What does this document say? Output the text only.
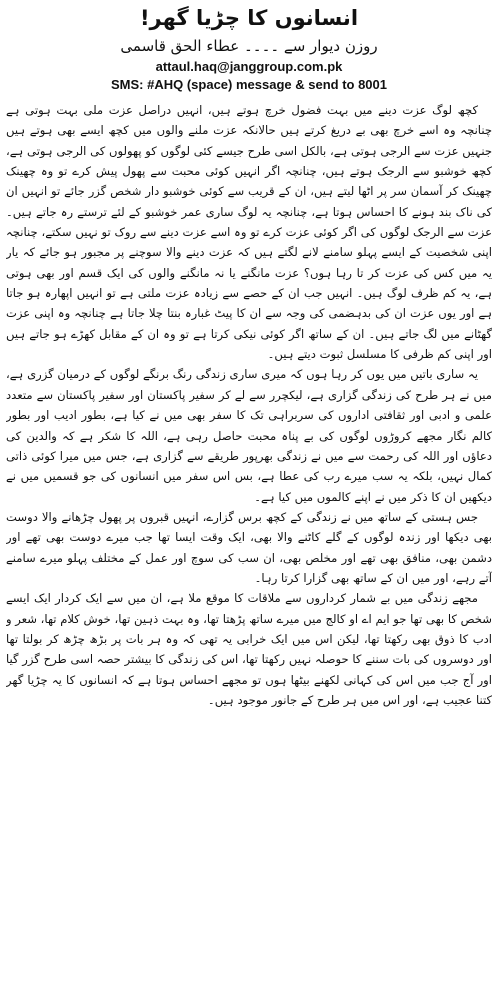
انسانوں کا چڑیا گھر!
روزن دیوار سے ۔۔۔۔ عطاء الحق قاسمی
attaul.haq@janggroup.com.pk
SMS: #AHQ (space) message & send to 8001

کچھ لوگ عزت دینے میں بہت فضول خرچ ہوتے ہیں، انہیں دراصل عزت ملی بہت ہوتی ہے چنانچہ وہ اسے خرچ بھی بے دریغ کرتے ہیں حالانکہ عزت ملنے والوں میں کچھ ایسے بھی ہوتے ہیں جنہیں عزت سے الرجی ہوتی ہے، بالکل اسی طرح جیسے کئی لوگوں کو پھولوں کی الرجی ہوتی ہے، کچھ خوشبو سے الرجک ہوتے ہیں، چنانچہ اگر انہیں کوئی محبت سے پھول پیش کرے تو وہ چھینک چھینک کر آسمان سر پر اٹھا لیتے ہیں، ان کے قریب سے کوئی خوشبو دار شخص گزر جائے تو انہیں ان کی ناک بند ہونے کا احساس ہوتا ہے، چنانچہ یہ لوگ ساری عمر خوشبو کے لئے ترستے رہ جاتے ہیں۔ عزت سے الرجک لوگوں کی اگر کوئی عزت کرے تو وہ اسے عزت دینے سے روک تو نہیں سکتے، چنانچہ اپنی شخصیت کے ایسے پہلو سامنے لانے لگتے ہیں کہ عزت دینے والا سوچنے پر مجبور ہو جائے کہ یار یہ میں کس کی عزت کر تا رہا ہوں؟ عزت مانگنے یا نہ مانگنے والوں کی ایک قسم اور بھی ہوتی ہے، یہ کم ظرف لوگ ہیں۔ انہیں جب ان کے حصے سے زیادہ عزت ملتی ہے تو انہیں اپھارہ ہو جاتا ہے اور یوں عزت ان کی بدہضمی کی وجہ سے ان کا پیٹ غبارہ بنتا چلا جاتا ہے چنانچہ وہ اپنی عزت گھٹانے میں لگ جاتے ہیں۔ ان کے ساتھ اگر کوئی نیکی کرتا ہے تو وہ ان کے مقابل کھڑے ہو جاتے ہیں اور اپنی کم ظرفی کا مسلسل ثبوت دیتے ہیں۔

یہ ساری باتیں میں یوں کر رہا ہوں کہ میری ساری زندگی رنگ برنگے لوگوں کے درمیان گزری ہے، میں نے ہر طرح کی زندگی گزاری ہے، لیکچرر سے لے کر سفیر پاکستان اور سفیر پاکستان سے متعدد علمی و ادبی اور ثقافتی اداروں کی سربراہی تک کا سفر بھی میں نے کیا ہے، بطور ادیب اور بطور کالم نگار مجھے کروڑوں لوگوں کی بے پناہ محبت حاصل رہی ہے، اللہ کا شکر ہے کہ والدین کی دعاؤں اور اللہ کی رحمت سے میں نے زندگی بھرپور طریقے سے گزاری ہے، جس میں میرا کوئی ذاتی کمال نہیں، بلکہ یہ سب میرے رب کی عطا ہے، بس اس سفر میں انسانوں کی جو قسمیں میں نے دیکھیں ان کا ذکر میں نے اپنے کالموں میں کیا ہے۔

جس ہستی کے ساتھ میں نے زندگی کے کچھ برس گزارے، انہیں قبروں پر پھول چڑھانے والا دوست بھی دیکھا اور زندہ لوگوں کے گلے کاٹنے والا بھی، ایک وقت ایسا تھا جب میرے دوست بھی تھے اور دشمن بھی، منافق بھی تھے اور مخلص بھی، ان سب کی سوچ اور عمل کے مختلف پہلو میرے سامنے آتے رہے، اور میں ان کے ساتھ بھی گزارا کرتا رہا۔

مجھے زندگی میں بے شمار کرداروں سے ملاقات کا موقع ملا ہے، ان میں سے ایک کردار ایک ایسے شخص کا بھی تھا جو ایم اے او کالج میں میرے ساتھ پڑھتا تھا، وہ بہت ذہین تھا، خوش کلام تھا، شعر و ادب کا ذوق بھی رکھتا تھا، لیکن اس میں ایک خرابی یہ تھی کہ وہ ہر بات پر بڑھ چڑھ کر بولتا تھا اور دوسروں کی بات سننے کا حوصلہ نہیں رکھتا تھا، اس کی زندگی کا بیشتر حصہ اسی طرح گزر گیا اور آج جب میں اس کی کہانی لکھنے بیٹھا ہوں تو مجھے احساس ہوتا ہے کہ انسانوں کا یہ چڑیا گھر کتنا عجیب ہے، اور اس میں ہر طرح کے جانور موجود ہیں۔
